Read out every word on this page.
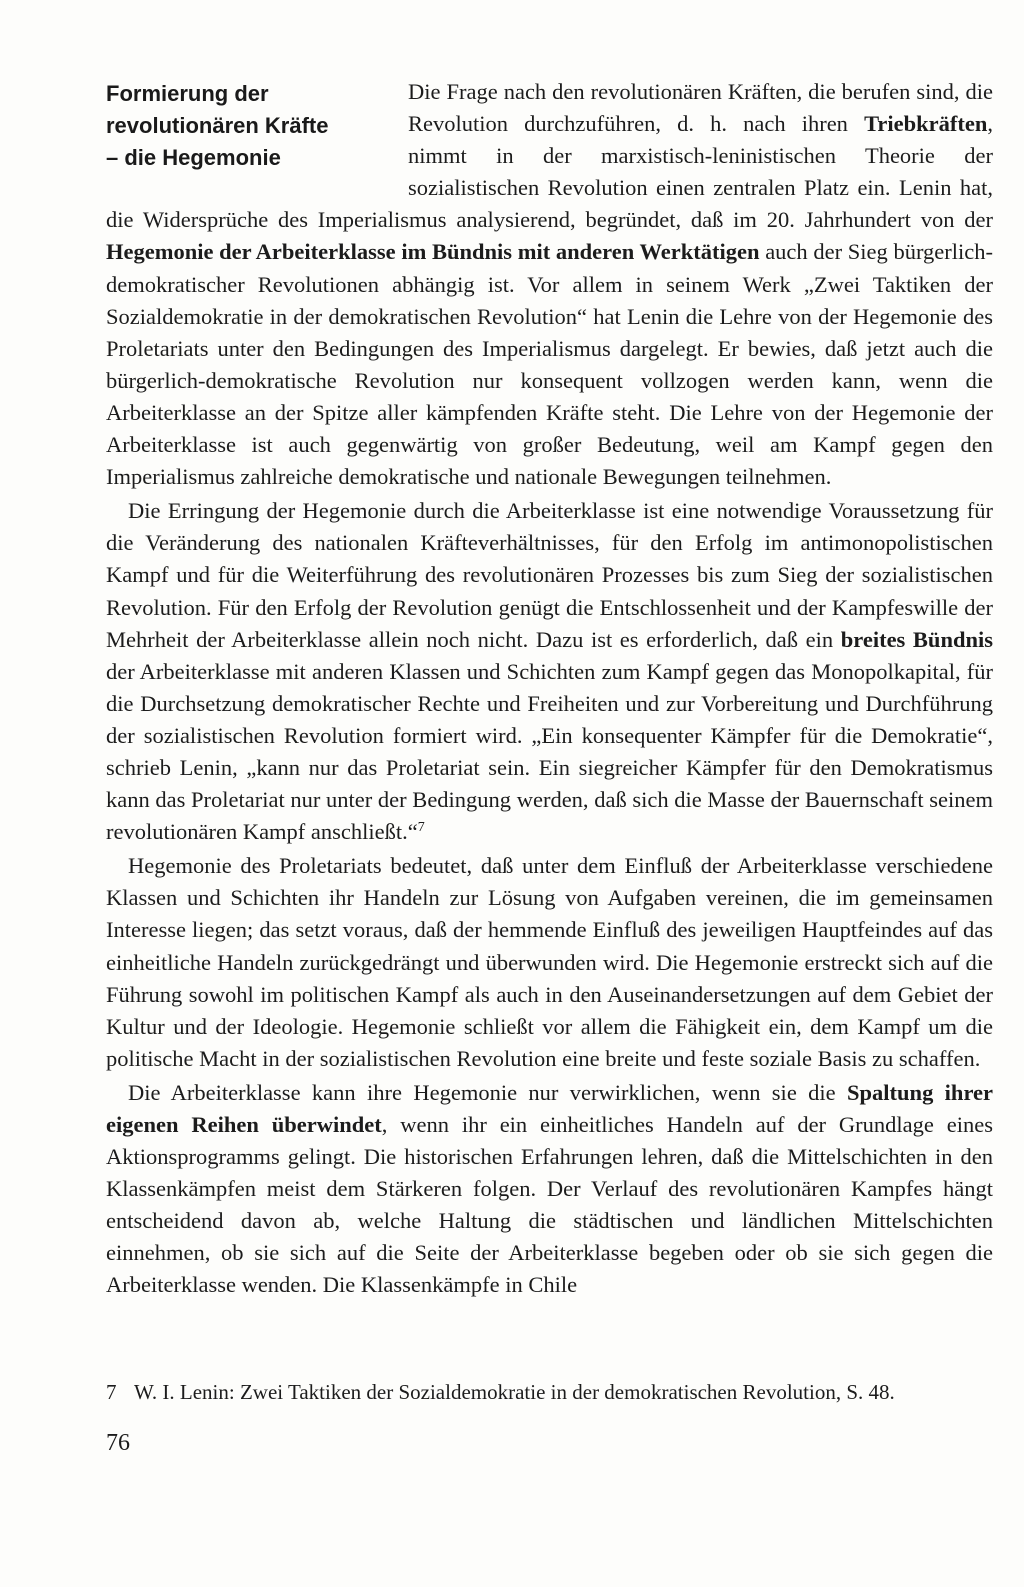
Formierung der
revolutionären Kräfte
– die Hegemonie

Die Frage nach den revolutionären Kräften, die berufen sind, die Revolution durchzuführen, d. h. nach ihren Triebkräften, nimmt in der marxistisch-leninistischen Theorie der sozialistischen Revolution einen zentralen Platz ein. Lenin hat, die Widersprüche des Imperialismus analysierend, begründet, daß im 20. Jahrhundert von der Hegemonie der Arbeiterklasse im Bündnis mit anderen Werktätigen auch der Sieg bürgerlich-demokratischer Revolutionen abhängig ist. Vor allem in seinem Werk „Zwei Taktiken der Sozialdemokratie in der demokratischen Revolution“ hat Lenin die Lehre von der Hegemonie des Proletariats unter den Bedingungen des Imperialismus dargelegt. Er bewies, daß jetzt auch die bürgerlich-demokratische Revolution nur konsequent vollzogen werden kann, wenn die Arbeiterklasse an der Spitze aller kämpfenden Kräfte steht. Die Lehre von der Hegemonie der Arbeiterklasse ist auch gegenwärtig von großer Bedeutung, weil am Kampf gegen den Imperialismus zahlreiche demokratische und nationale Bewegungen teilnehmen.

Die Erringung der Hegemonie durch die Arbeiterklasse ist eine notwendige Voraussetzung für die Veränderung des nationalen Kräfteverhältnisses, für den Erfolg im antimonopolistischen Kampf und für die Weiterführung des revolutionären Prozesses bis zum Sieg der sozialistischen Revolution. Für den Erfolg der Revolution genügt die Entschlossenheit und der Kampfeswille der Mehrheit der Arbeiterklasse allein noch nicht. Dazu ist es erforderlich, daß ein breites Bündnis der Arbeiterklasse mit anderen Klassen und Schichten zum Kampf gegen das Monopolkapital, für die Durchsetzung demokratischer Rechte und Freiheiten und zur Vorbereitung und Durchführung der sozialistischen Revolution formiert wird. „Ein konsequenter Kämpfer für die Demokratie“, schrieb Lenin, „kann nur das Proletariat sein. Ein siegreicher Kämpfer für den Demokratismus kann das Proletariat nur unter der Bedingung werden, daß sich die Masse der Bauernschaft seinem revolutionären Kampf anschließt.“$^7$

Hegemonie des Proletariats bedeutet, daß unter dem Einfluß der Arbeiterklasse verschiedene Klassen und Schichten ihr Handeln zur Lösung von Aufgaben vereinen, die im gemeinsamen Interesse liegen; das setzt voraus, daß der hemmende Einfluß des jeweiligen Hauptfeindes auf das einheitliche Handeln zurückgedrängt und überwunden wird. Die Hegemonie erstreckt sich auf die Führung sowohl im politischen Kampf als auch in den Auseinandersetzungen auf dem Gebiet der Kultur und der Ideologie. Hegemonie schließt vor allem die Fähigkeit ein, dem Kampf um die politische Macht in der sozialistischen Revolution eine breite und feste soziale Basis zu schaffen.

Die Arbeiterklasse kann ihre Hegemonie nur verwirklichen, wenn sie die Spaltung ihrer eigenen Reihen überwindet, wenn ihr ein einheitliches Handeln auf der Grundlage eines Aktionsprogramms gelingt. Die historischen Erfahrungen lehren, daß die Mittelschichten in den Klassenkämpfen meist dem Stärkeren folgen. Der Verlauf des revolutionären Kampfes hängt entscheidend davon ab, welche Haltung die städtischen und ländlichen Mittelschichten einnehmen, ob sie sich auf die Seite der Arbeiterklasse begeben oder ob sie sich gegen die Arbeiterklasse wenden. Die Klassenkämpfe in Chile

7 W. I. Lenin: Zwei Taktiken der Sozialdemokratie in der demokratischen Revolution, S. 48.
76
